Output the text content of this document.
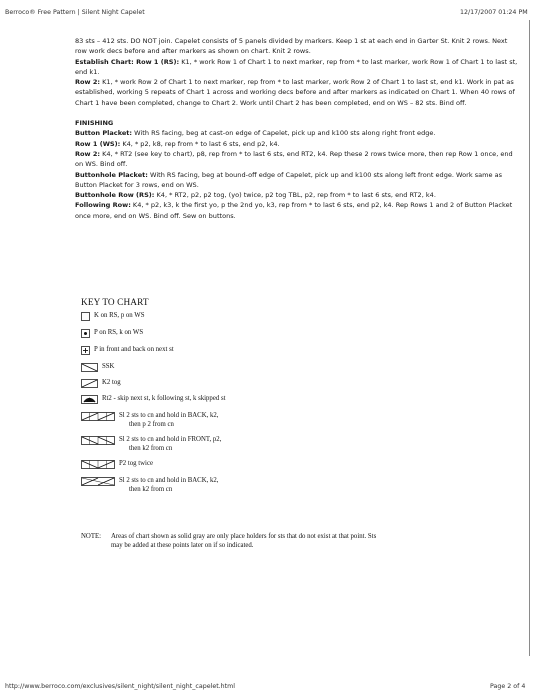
Berroco® Free Pattern | Silent Night Capelet	12/17/2007 01:24 PM

83 sts – 412 sts. DO NOT join. Capelet consists of 5 panels divided by markers. Keep 1 st at each end in Garter St. Knit 2 rows. Next row work decs before and after markers as shown on chart. Knit 2 rows.

Establish Chart: Row 1 (RS): K1, * work Row 1 of Chart 1 to next marker, rep from * to last marker, work Row 1 of Chart 1 to last st, end k1.

Row 2: K1, * work Row 2 of Chart 1 to next marker, rep from * to last marker, work Row 2 of Chart 1 to last st, end k1. Work in pat as established, working 5 repeats of Chart 1 across and working decs before and after markers as indicated on Chart 1. When 40 rows of Chart 1 have been completed, change to Chart 2. Work until Chart 2 has been completed, end on WS – 82 sts. Bind off.

FINISHING

Button Placket: With RS facing, beg at cast-on edge of Capelet, pick up and k100 sts along right front edge.

Row 1 (WS): K4, * p2, k8, rep from * to last 6 sts, end p2, k4.

Row 2: K4, * RT2 (see key to chart), p8, rep from * to last 6 sts, end RT2, k4. Rep these 2 rows twice more, then rep Row 1 once, end on WS. Bind off.

Buttonhole Placket: With RS facing, beg at bound-off edge of Capelet, pick up and k100 sts along left front edge. Work same as Button Placket for 3 rows, end on WS.

Buttonhole Row (RS): K4, * RT2, p2, p2 tog, (yo) twice, p2 tog TBL, p2, rep from * to last 6 sts, end RT2, k4.

Following Row: K4, * p2, k3, k the first yo, p the 2nd yo, k3, rep from * to last 6 sts, end p2, k4. Rep Rows 1 and 2 of Button Placket once more, end on WS. Bind off. Sew on buttons.

KEY TO CHART
K on RS, p on WS
P on RS, k on WS
P in front and back on next st
SSK
K2 tog
Rt2 - skip next st, k following st, k skipped st
Sl 2 sts to cn and hold in BACK, k2,
then p 2 from cn
Sl 2 sts to cn and hold in FRONT, p2,
then k2 from cn
P2 tog twice
Sl 2 sts to cn and hold in BACK, k2,
then k2 from cn
NOTE: Areas of chart shown as solid gray are only place holders for sts that do not exist at that point. Sts may be added at these points later on if so indicated.
http://www.berroco.com/exclusives/silent_night/silent_night_capelet.html	Page 2 of 4
